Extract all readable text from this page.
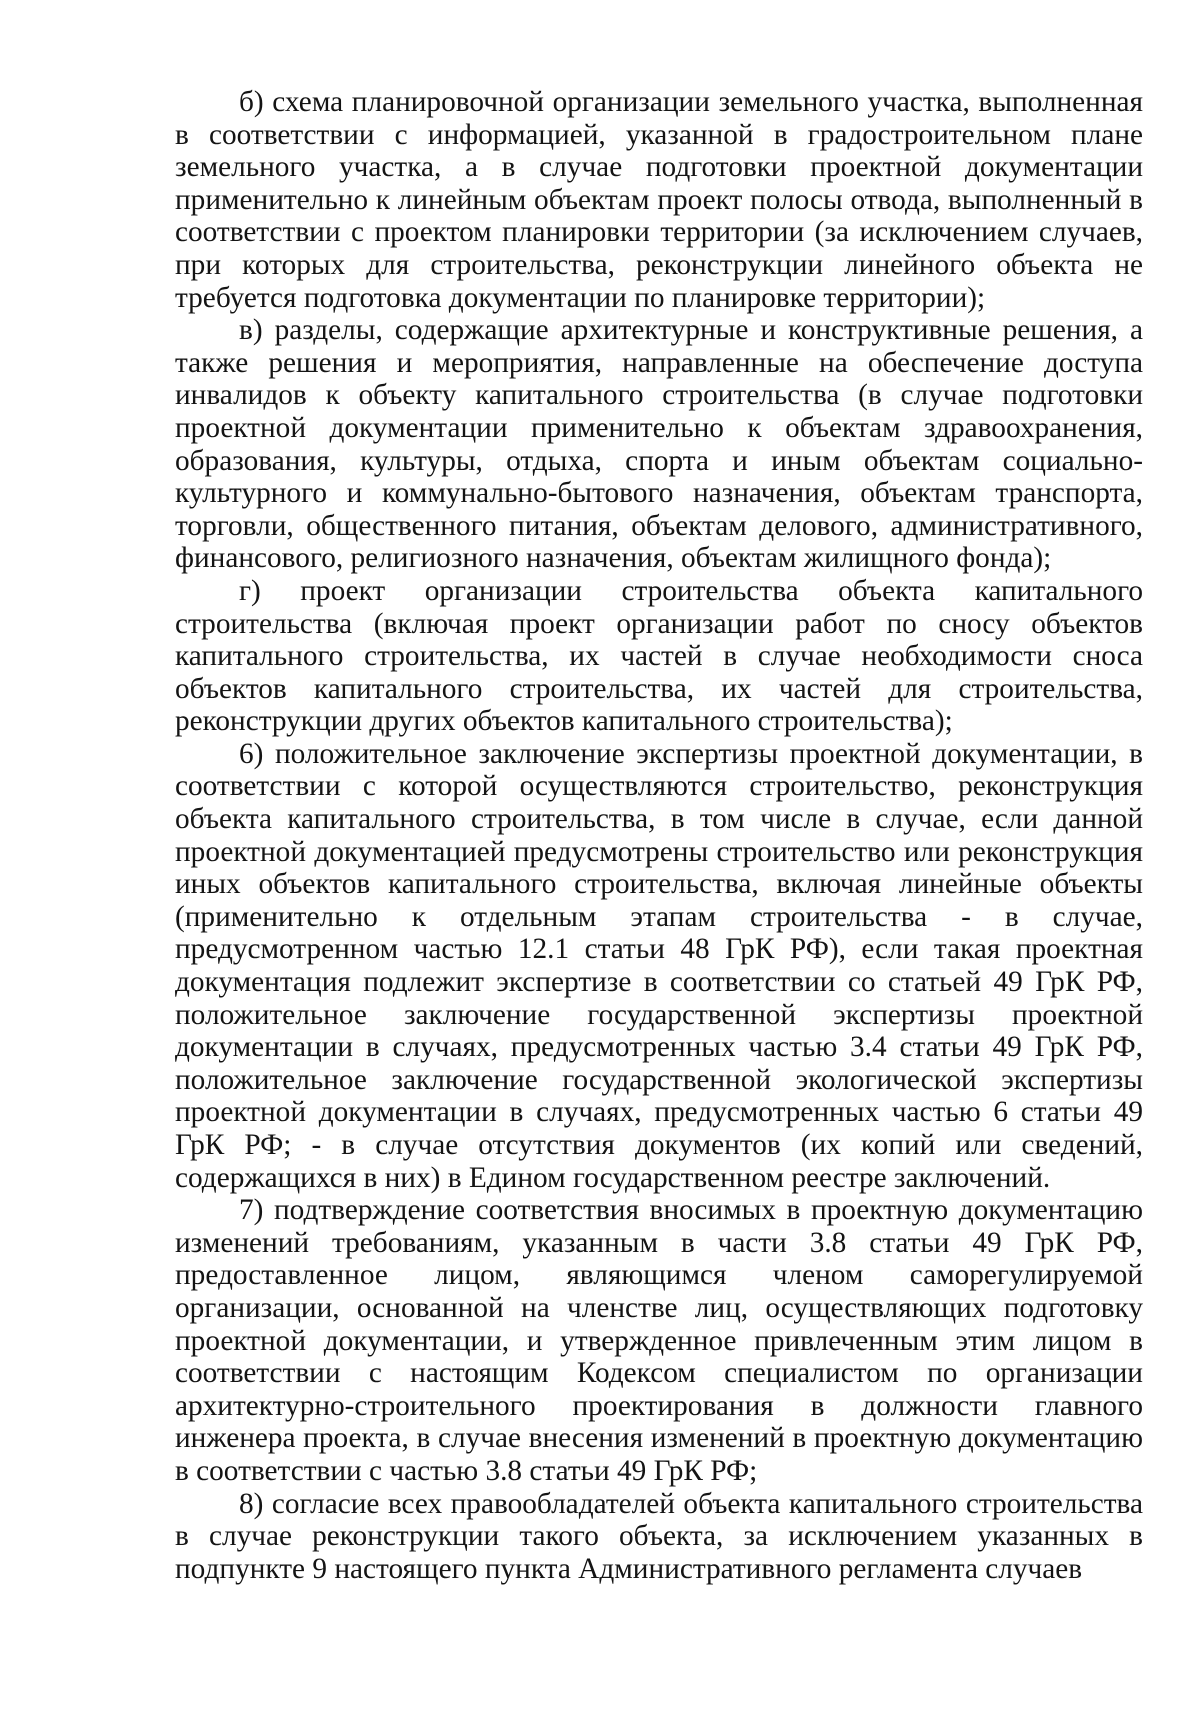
б) схема планировочной организации земельного участка, выполненная в соответствии с информацией, указанной в градостроительном плане земельного участка, а в случае подготовки проектной документации применительно к линейным объектам проект полосы отвода, выполненный в соответствии с проектом планировки территории (за исключением случаев, при которых для строительства, реконструкции линейного объекта не требуется подготовка документации по планировке территории);

в) разделы, содержащие архитектурные и конструктивные решения, а также решения и мероприятия, направленные на обеспечение доступа инвалидов к объекту капитального строительства (в случае подготовки проектной документации применительно к объектам здравоохранения, образования, культуры, отдыха, спорта и иным объектам социально-культурного и коммунально-бытового назначения, объектам транспорта, торговли, общественного питания, объектам делового, административного, финансового, религиозного назначения, объектам жилищного фонда);

г) проект организации строительства объекта капитального строительства (включая проект организации работ по сносу объектов капитального строительства, их частей в случае необходимости сноса объектов капитального строительства, их частей для строительства, реконструкции других объектов капитального строительства);

6) положительное заключение экспертизы проектной документации, в соответствии с которой осуществляются строительство, реконструкция объекта капитального строительства, в том числе в случае, если данной проектной документацией предусмотрены строительство или реконструкция иных объектов капитального строительства, включая линейные объекты (применительно к отдельным этапам строительства - в случае, предусмотренном частью 12.1 статьи 48 ГрК РФ), если такая проектная документация подлежит экспертизе в соответствии со статьей 49 ГрК РФ, положительное заключение государственной экспертизы проектной документации в случаях, предусмотренных частью 3.4 статьи 49 ГрК РФ, положительное заключение государственной экологической экспертизы проектной документации в случаях, предусмотренных частью 6 статьи 49 ГрК РФ; - в случае отсутствия документов (их копий или сведений, содержащихся в них) в Едином государственном реестре заключений.

7) подтверждение соответствия вносимых в проектную документацию изменений требованиям, указанным в части 3.8 статьи 49 ГрК РФ, предоставленное лицом, являющимся членом саморегулируемой организации, основанной на членстве лиц, осуществляющих подготовку проектной документации, и утвержденное привлеченным этим лицом в соответствии с настоящим Кодексом специалистом по организации архитектурно-строительного проектирования в должности главного инженера проекта, в случае внесения изменений в проектную документацию в соответствии с частью 3.8 статьи 49 ГрК РФ;

8) согласие всех правообладателей объекта капитального строительства в случае реконструкции такого объекта, за исключением указанных в подпункте 9 настоящего пункта Административного регламента случаев
